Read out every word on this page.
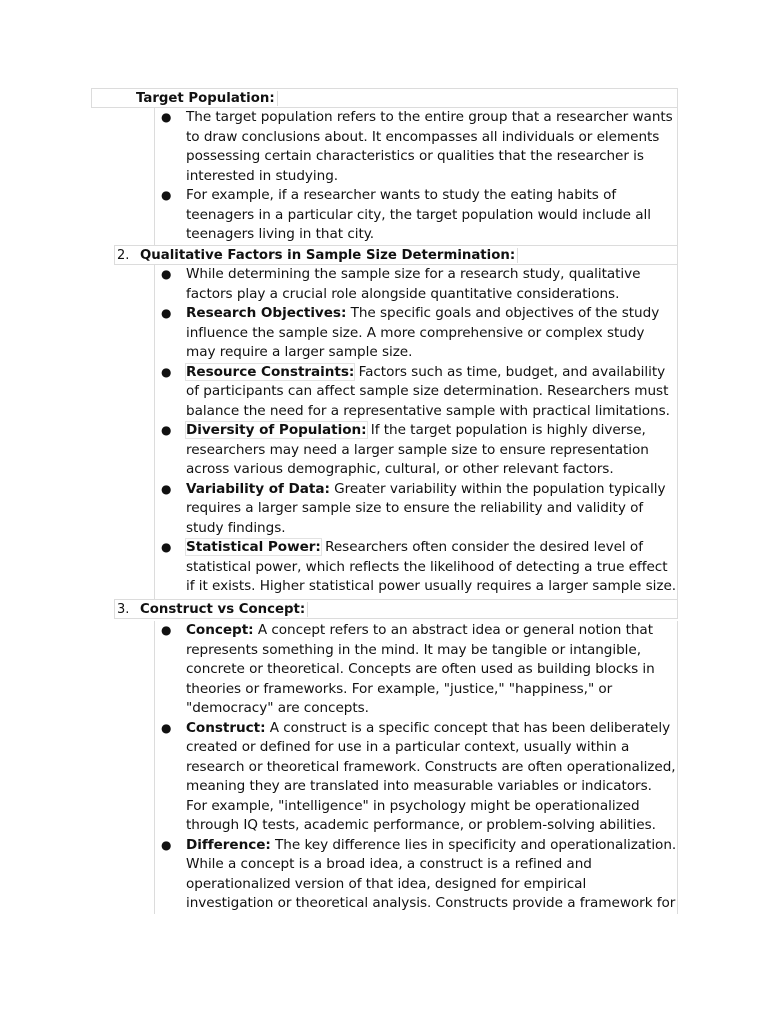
Target Population:
● The target population refers to the entire group that a researcher wants to draw conclusions about. It encompasses all individuals or elements possessing certain characteristics or qualities that the researcher is interested in studying.
● For example, if a researcher wants to study the eating habits of teenagers in a particular city, the target population would include all teenagers living in that city.
2. Qualitative Factors in Sample Size Determination:
● While determining the sample size for a research study, qualitative factors play a crucial role alongside quantitative considerations.
● Research Objectives: The specific goals and objectives of the study influence the sample size. A more comprehensive or complex study may require a larger sample size.
● Resource Constraints: Factors such as time, budget, and availability of participants can affect sample size determination. Researchers must balance the need for a representative sample with practical limitations.
● Diversity of Population: If the target population is highly diverse, researchers may need a larger sample size to ensure representation across various demographic, cultural, or other relevant factors.
● Variability of Data: Greater variability within the population typically requires a larger sample size to ensure the reliability and validity of study findings.
● Statistical Power: Researchers often consider the desired level of statistical power, which reflects the likelihood of detecting a true effect if it exists. Higher statistical power usually requires a larger sample size.
3. Construct vs Concept:
● Concept: A concept refers to an abstract idea or general notion that represents something in the mind. It may be tangible or intangible, concrete or theoretical. Concepts are often used as building blocks in theories or frameworks. For example, "justice," "happiness," or "democracy" are concepts.
● Construct: A construct is a specific concept that has been deliberately created or defined for use in a particular context, usually within a research or theoretical framework. Constructs are often operationalized, meaning they are translated into measurable variables or indicators. For example, "intelligence" in psychology might be operationalized through IQ tests, academic performance, or problem-solving abilities.
● Difference: The key difference lies in specificity and operationalization. While a concept is a broad idea, a construct is a refined and operationalized version of that idea, designed for empirical investigation or theoretical analysis. Constructs provide a framework for
